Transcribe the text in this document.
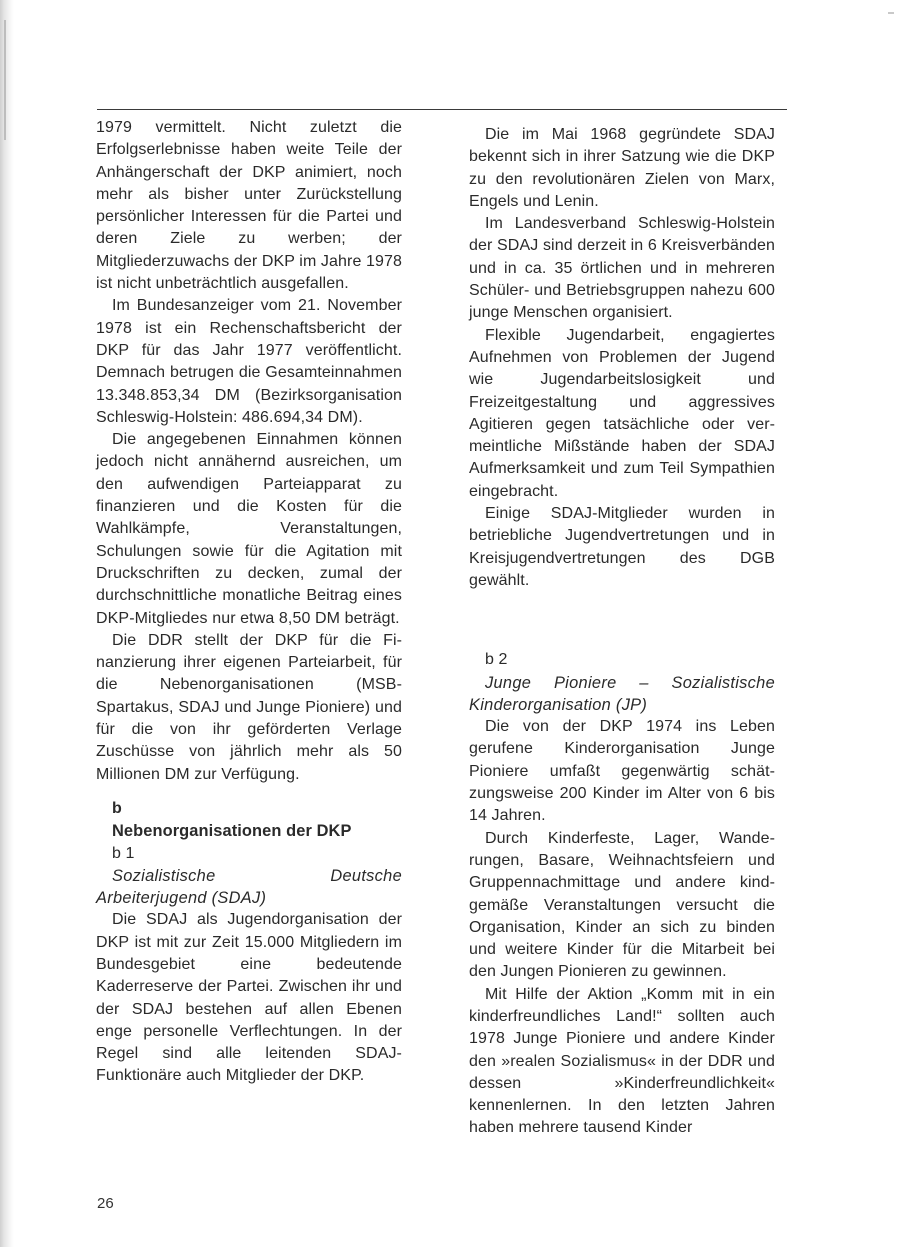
1979 vermittelt. Nicht zuletzt die Erfolgserlebnisse haben weite Teile der Anhängerschaft der DKP animiert, noch mehr als bisher unter Zurückstellung persönlicher Interessen für die Partei und deren Ziele zu werben; der Mitgliederzuwachs der DKP im Jahre 1978 ist nicht unbeträchtlich ausgefallen.

Im Bundesanzeiger vom 21. November 1978 ist ein Rechenschaftsbericht der DKP für das Jahr 1977 veröffentlicht. Demnach betrugen die Gesamteinnahmen 13.348.853,34 DM (Bezirksorganisation Schleswig-Holstein: 486.694,34 DM).

Die angegebenen Einnahmen können jedoch nicht annähernd ausreichen, um den aufwendigen Parteiapparat zu finanzieren und die Kosten für die Wahlkämpfe, Veranstaltungen, Schulungen sowie für die Agitation mit Druckschriften zu decken, zumal der durchschnittliche monatliche Beitrag eines DKP-Mitgliedes nur etwa 8,50 DM beträgt.

Die DDR stellt der DKP für die Finanzierung ihrer eigenen Parteiarbeit, für die Nebenorganisationen (MSB-Spartakus, SDAJ und Junge Pioniere) und für die von ihr geförderten Verlage Zuschüsse von jährlich mehr als 50 Millionen DM zur Verfügung.

b

Nebenorganisationen der DKP

b 1

Sozialistische Deutsche Arbeiterjugend (SDAJ)

Die SDAJ als Jugendorganisation der DKP ist mit zur Zeit 15.000 Mitgliedern im Bundesgebiet eine bedeutende Kaderreserve der Partei. Zwischen ihr und der SDAJ bestehen auf allen Ebenen enge personelle Verflechtungen. In der Regel sind alle leitenden SDAJ-Funktionäre auch Mitglieder der DKP.

Die im Mai 1968 gegründete SDAJ bekennt sich in ihrer Satzung wie die DKP zu den revolutionären Zielen von Marx, Engels und Lenin.

Im Landesverband Schleswig-Holstein der SDAJ sind derzeit in 6 Kreisverbänden und in ca. 35 örtlichen und in mehreren Schüler- und Betriebsgruppen nahezu 600 junge Menschen organisiert.

Flexible Jugendarbeit, engagiertes Aufnehmen von Problemen der Jugend wie Jugendarbeitslosigkeit und Freizeitgestaltung und aggressives Agitieren gegen tatsächliche oder vermeintliche Mißstände haben der SDAJ Aufmerksamkeit und zum Teil Sympathien eingebracht.

Einige SDAJ-Mitglieder wurden in betriebliche Jugendvertretungen und in Kreisjugendvertretungen des DGB gewählt.

b 2

Junge Pioniere – Sozialistische Kinderorganisation (JP)

Die von der DKP 1974 ins Leben gerufene Kinderorganisation Junge Pioniere umfaßt gegenwärtig schätzungsweise 200 Kinder im Alter von 6 bis 14 Jahren.

Durch Kinderfeste, Lager, Wanderungen, Basare, Weihnachtsfeiern und Gruppennachmittage und andere kindgemäße Veranstaltungen versucht die Organisation, Kinder an sich zu binden und weitere Kinder für die Mitarbeit bei den Jungen Pionieren zu gewinnen.

Mit Hilfe der Aktion „Komm mit in ein kinderfreundliches Land!“ sollten auch 1978 Junge Pioniere und andere Kinder den »realen Sozialismus« in der DDR und dessen »Kinderfreundlichkeit« kennenlernen. In den letzten Jahren haben mehrere tausend Kinder

26
